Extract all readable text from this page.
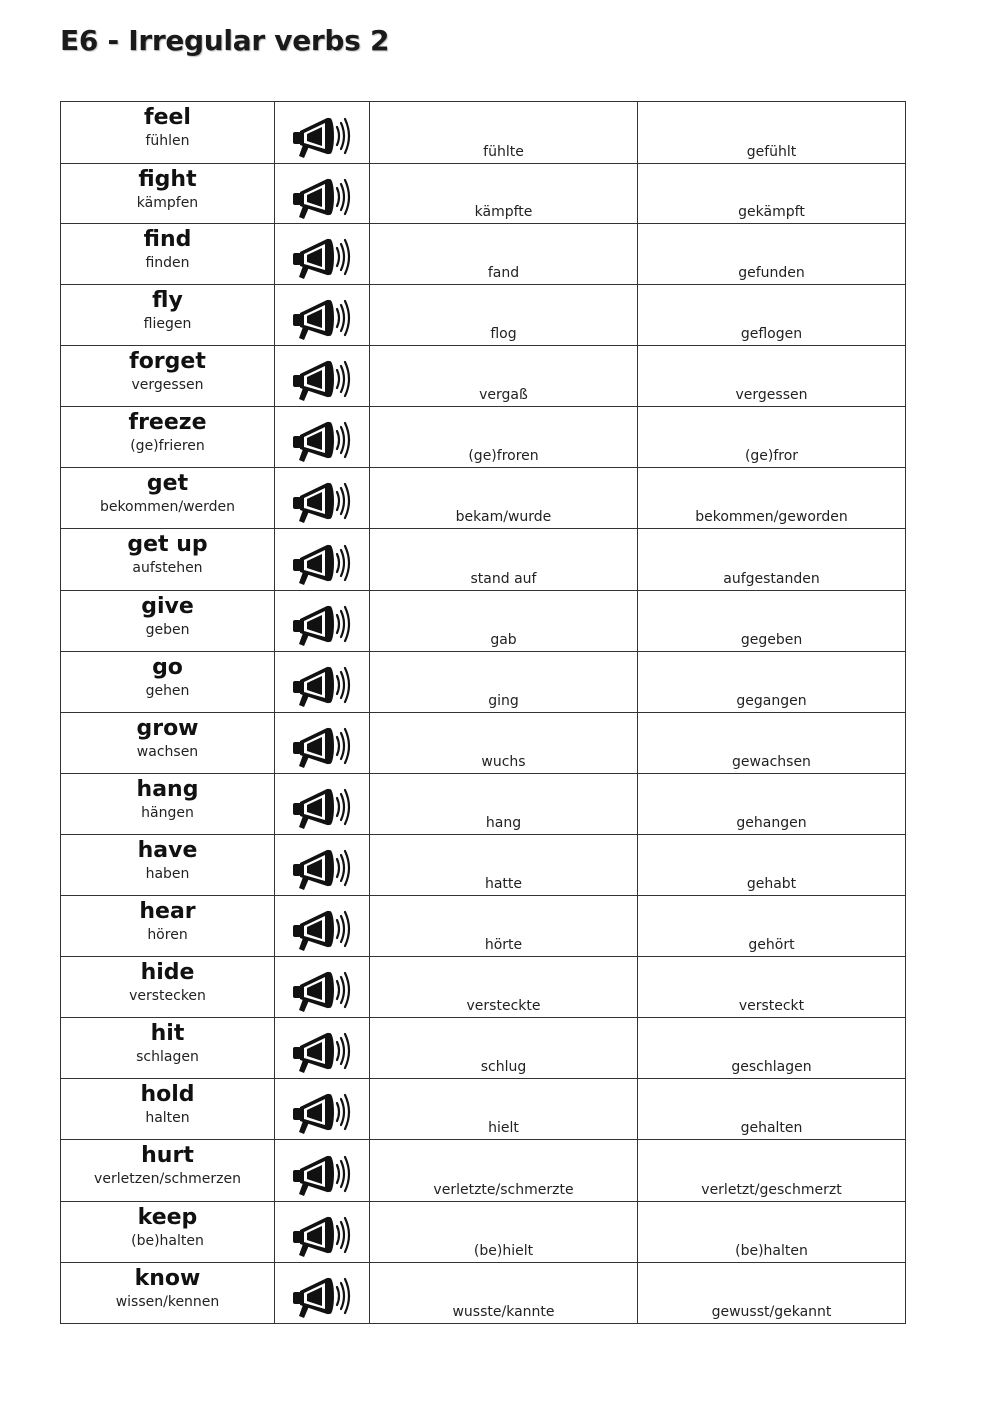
E6 - Irregular verbs 2
feel
fühlen		fühlte	gefühlt

fight
kämpfen		kämpfte	gekämpft

find
finden		fand	gefunden

fly
fliegen		flog	geflogen

forget
vergessen		vergaß	vergessen

freeze
(ge)frieren		(ge)froren	(ge)fror

get
bekommen/werden		bekam/wurde	bekommen/geworden

get up
aufstehen		stand auf	aufgestanden

give
geben		gab	gegeben

go
gehen		ging	gegangen

grow
wachsen		wuchs	gewachsen

hang
hängen		hang	gehangen

have
haben		hatte	gehabt

hear
hören		hörte	gehört

hide
verstecken		versteckte	versteckt

hit
schlagen		schlug	geschlagen

hold
halten		hielt	gehalten

hurt
verletzen/schmerzen		verletzte/schmerzte	verletzt/geschmerzt

keep
(be)halten		(be)hielt	(be)halten

know
wissen/kennen		wusste/kannte	gewusst/gekannt
